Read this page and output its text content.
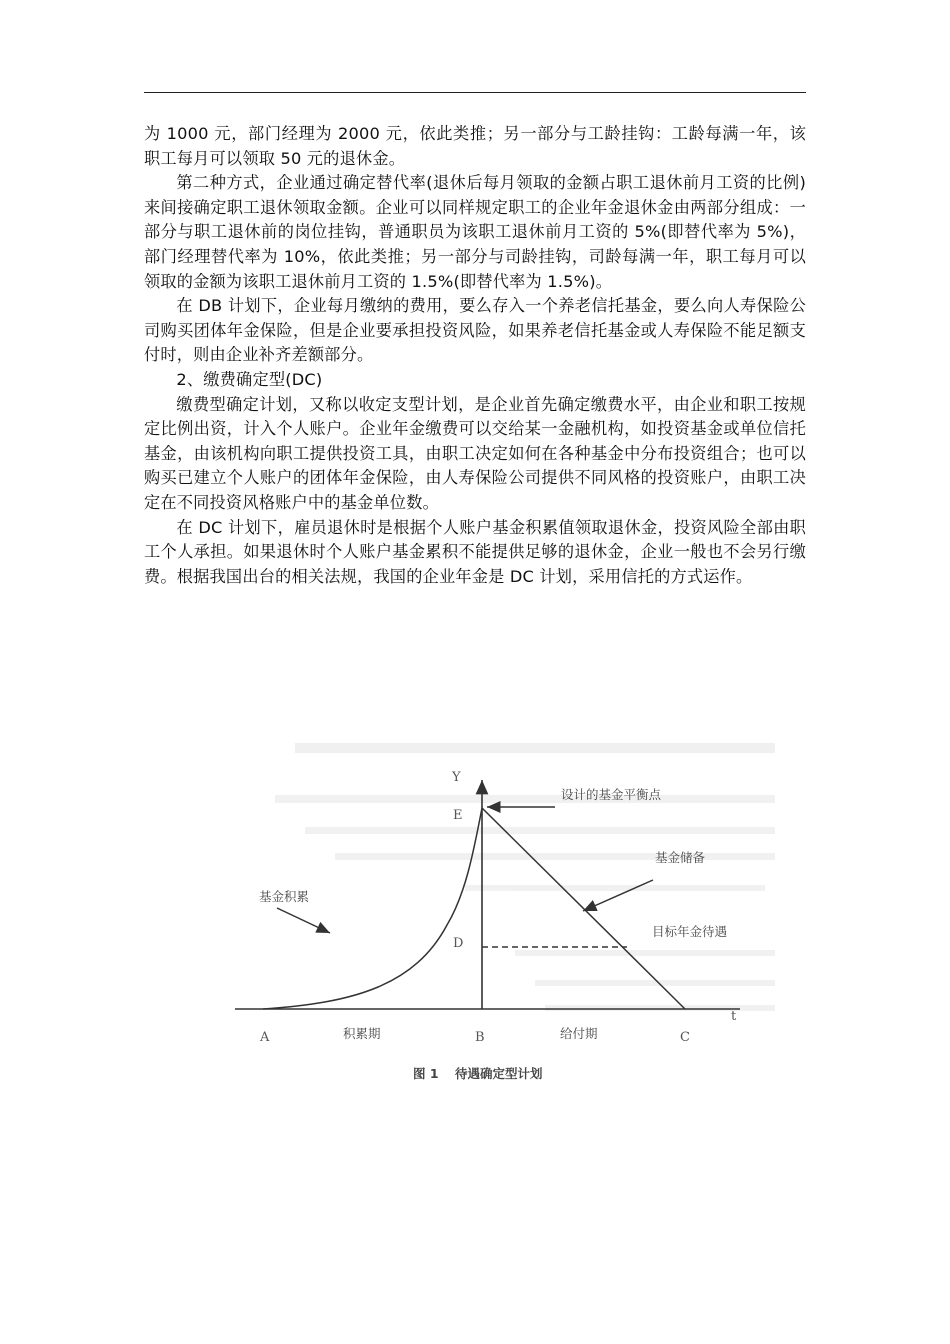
为 1000 元，部门经理为 2000 元，依此类推；另一部分与工龄挂钩：工龄每满一年，该职工每月可以领取 50 元的退休金。

第二种方式，企业通过确定替代率(退休后每月领取的金额占职工退休前月工资的比例)来间接确定职工退休领取金额。企业可以同样规定职工的企业年金退休金由两部分组成：一部分与职工退休前的岗位挂钩，普通职员为该职工退休前月工资的 5%(即替代率为 5%)，部门经理替代率为 10%，依此类推；另一部分与司龄挂钩，司龄每满一年，职工每月可以领取的金额为该职工退休前月工资的 1.5%(即替代率为 1.5%)。

在 DB 计划下，企业每月缴纳的费用，要么存入一个养老信托基金，要么向人寿保险公司购买团体年金保险，但是企业要承担投资风险，如果养老信托基金或人寿保险不能足额支付时，则由企业补齐差额部分。

2、缴费确定型(DC)

缴费型确定计划，又称以收定支型计划，是企业首先确定缴费水平，由企业和职工按规定比例出资，计入个人账户。企业年金缴费可以交给某一金融机构，如投资基金或单位信托基金，由该机构向职工提供投资工具，由职工决定如何在各种基金中分布投资组合；也可以购买已建立个人账户的团体年金保险，由人寿保险公司提供不同风格的投资账户，由职工决定在不同投资风格账户中的基金单位数。

在 DC 计划下，雇员退休时是根据个人账户基金积累值领取退休金，投资风险全部由职工个人承担。如果退休时个人账户基金累积不能提供足够的退休金，企业一般也不会另行缴费。根据我国出台的相关法规，我国的企业年金是 DC 计划，采用信托的方式运作。

Y
t
E
D
A	B	C
设计的基金平衡点
基金储备
基金积累
目标年金待遇
积累期	给付期
图 1 待遇确定型计划
